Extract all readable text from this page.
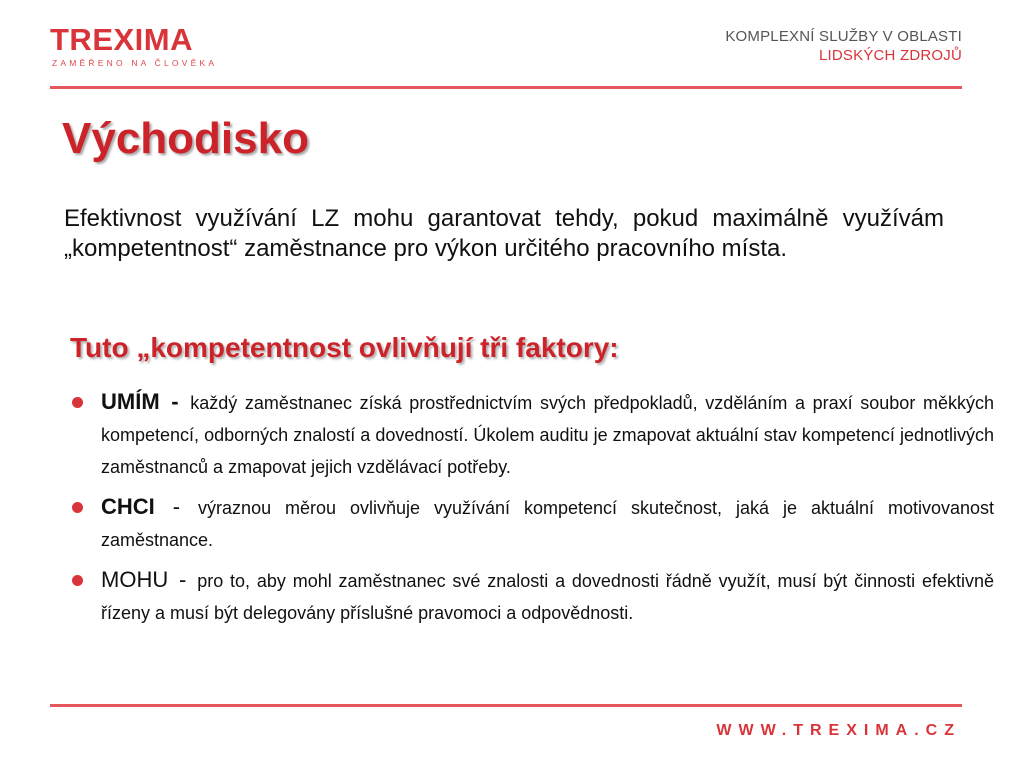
TREXIMA
ZAMĚŘENO NA ČLOVĚKA
KOMPLEXNÍ SLUŽBY V OBLASTI
LIDSKÝCH ZDROJŮ
Východisko

Efektivnost využívání LZ mohu garantovat tehdy, pokud maximálně využívám „kompetentnost“ zaměstnance pro výkon určitého pracovního místa.

Tuto „kompetentnost ovlivňují tři faktory:
UMÍM - každý zaměstnanec získá prostřednictvím svých předpokladů, vzděláním a praxí soubor měkkých kompetencí, odborných znalostí a dovedností. Úkolem auditu je zmapovat aktuální stav kompetencí jednotlivých zaměstnanců a zmapovat jejich vzdělávací potřeby.
CHCI - výraznou měrou ovlivňuje využívání kompetencí skutečnost, jaká je aktuální motivovanost zaměstnance.
MOHU - pro to, aby mohl zaměstnanec své znalosti a dovednosti řádně využít, musí být činnosti efektivně řízeny a musí být delegovány příslušné pravomoci a odpovědnosti.
WWW.TREXIMA.CZ
